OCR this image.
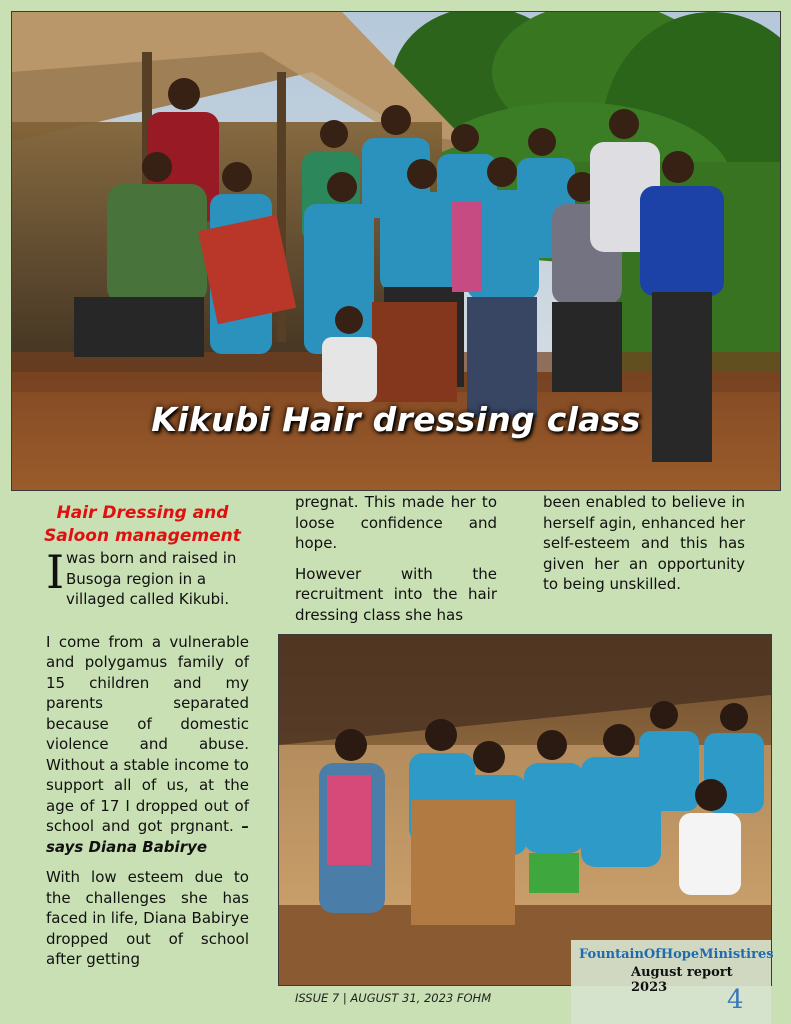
Kikubi Hair dressing class
Hair Dressing and Saloon management

I was born and raised in Busoga region in a villaged called Kikubi.

I come from a vulnerable and polygamus family of 15 children and my parents separated because of domestic violence and abuse. Without a stable income to support all of us, at the age of 17 I dropped out of school and got prgnant. – says Diana Babirye

With low esteem due to the challenges she has faced in life, Diana Babirye dropped out of school after getting

pregnat. This made her to loose confidence and hope.

However with the recruitment into the hair dressing class she has

been enabled to believe in herself agin, enhanced her self-esteem and this has given her an opportunity to being unskilled.

ISSUE 7 | AUGUST 31, 2023 FOHM
FountainOfHopeMinistires
August report 2023	4
